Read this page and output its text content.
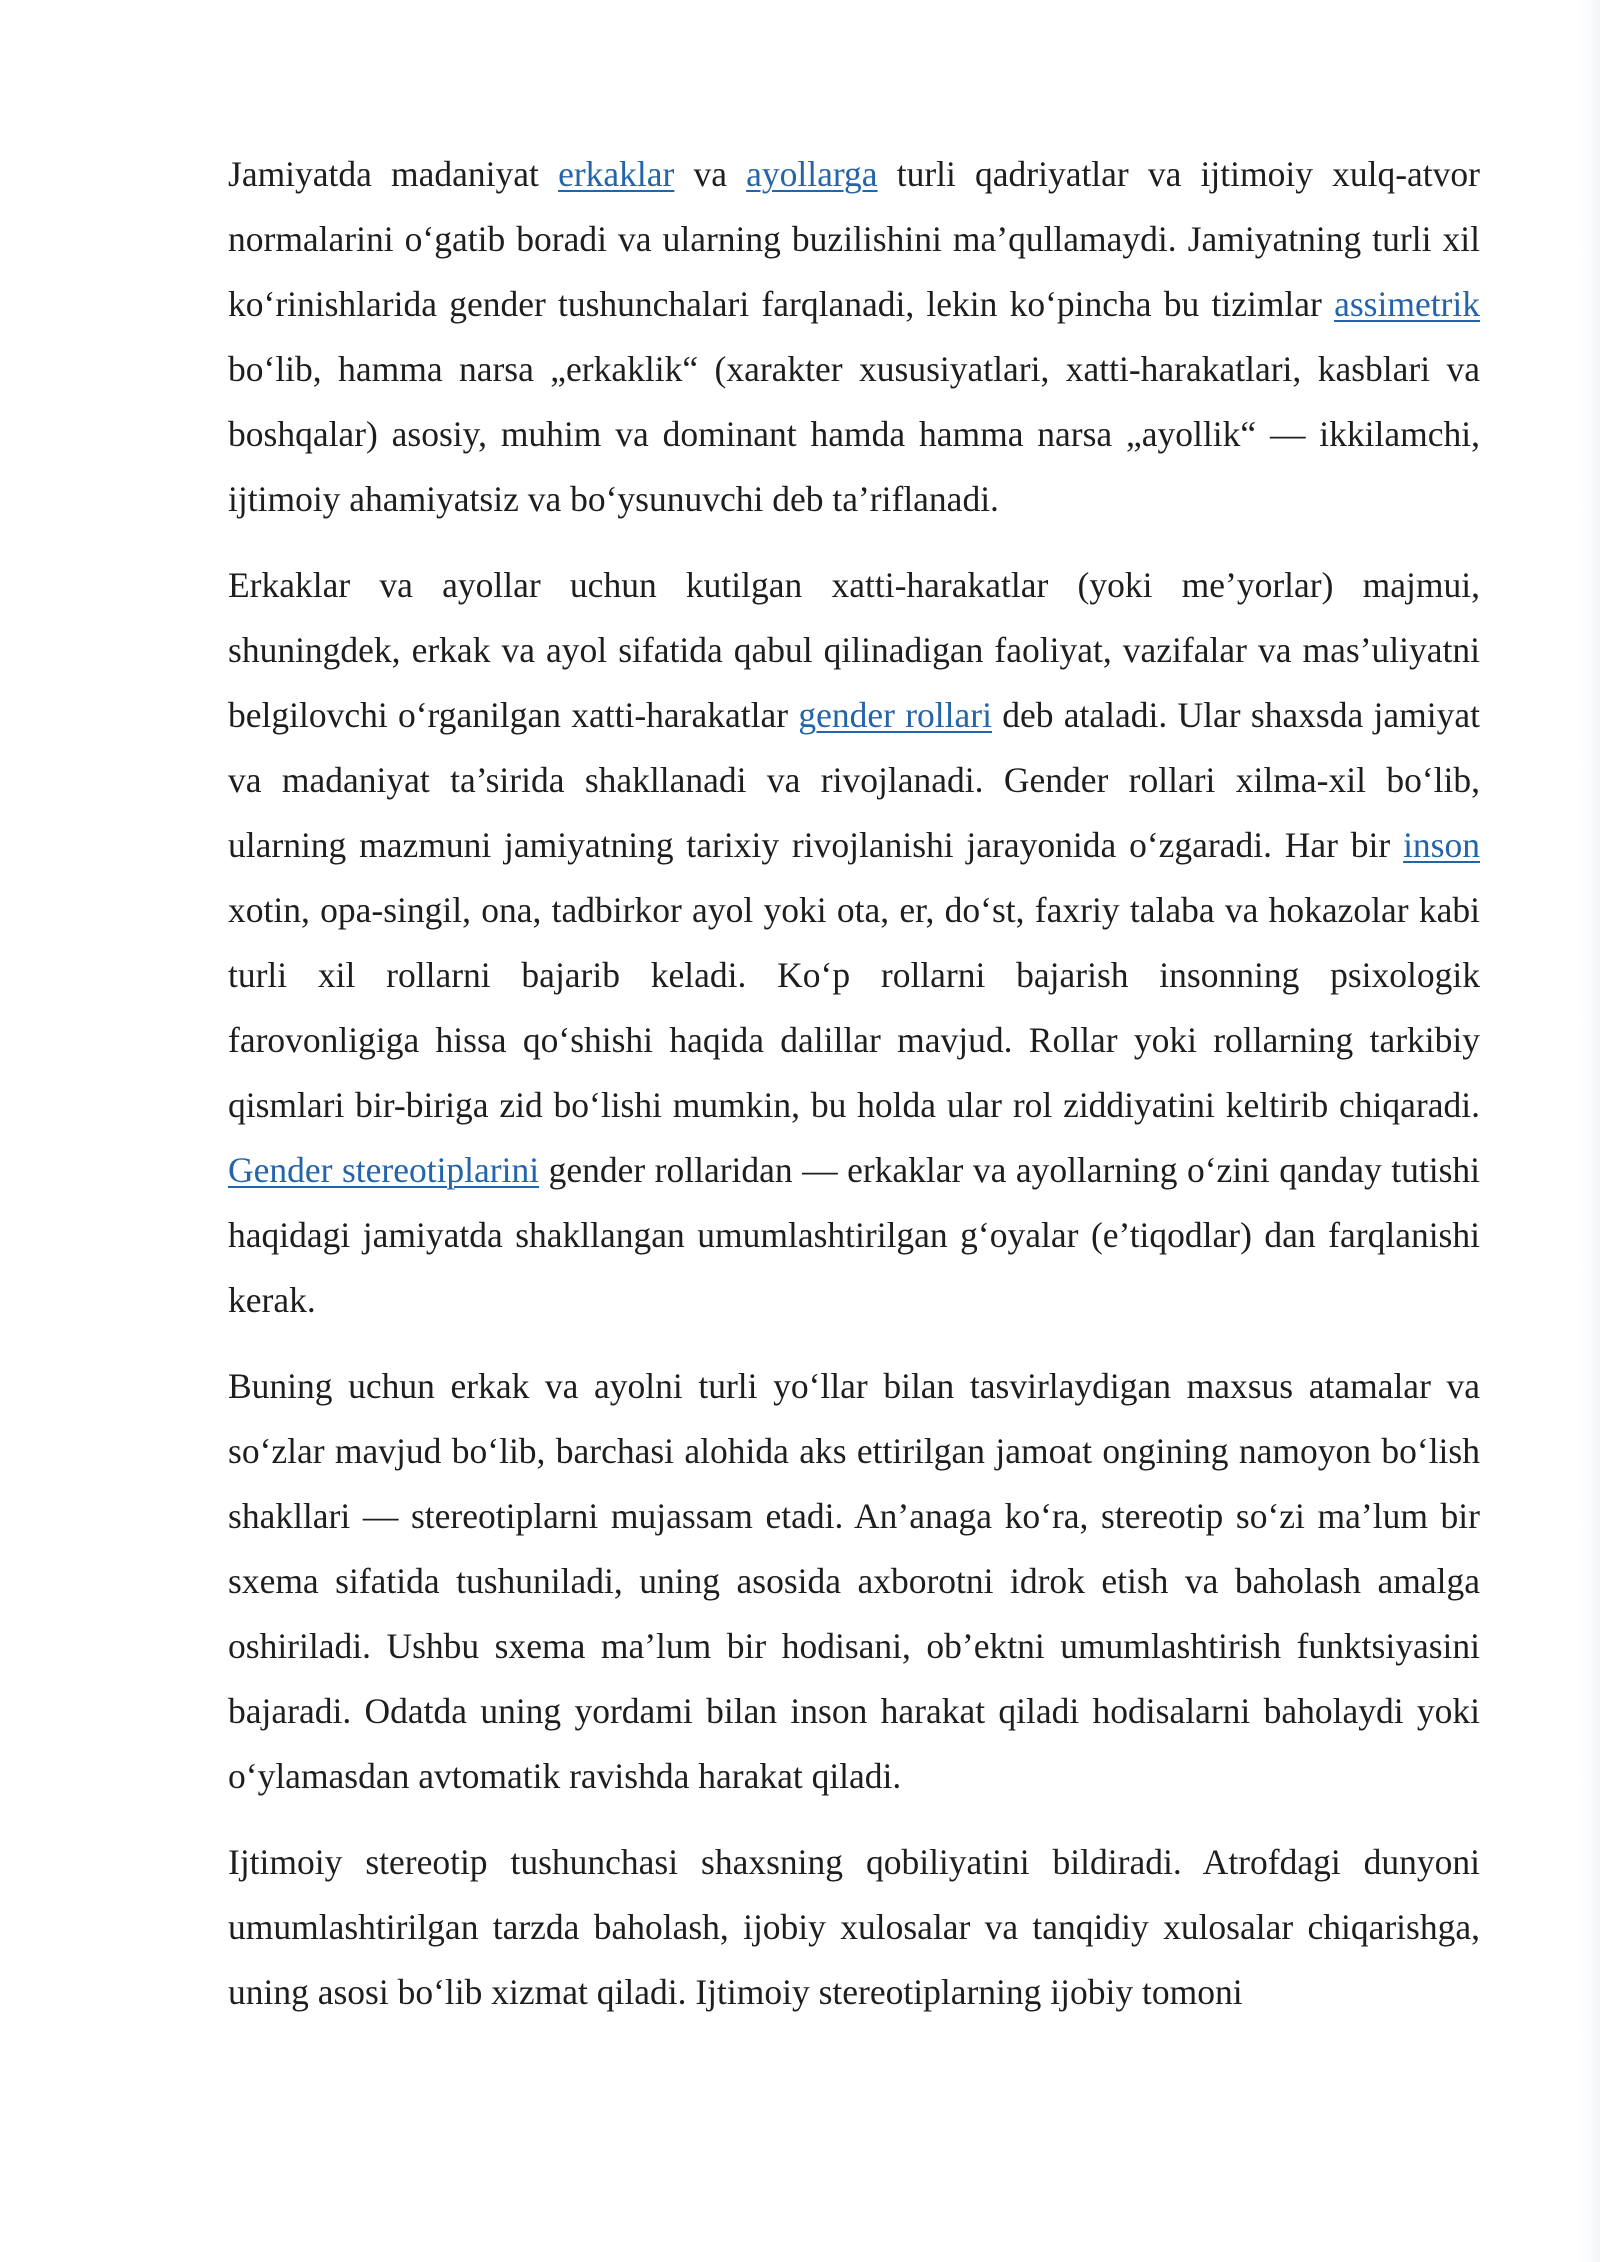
Jamiyatda madaniyat erkaklar va ayollarga turli qadriyatlar va ijtimoiy xulq-atvor normalarini o‘gatib boradi va ularning buzilishini ma’qullamaydi. Jamiyatning turli xil ko‘rinishlarida gender tushunchalari farqlanadi, lekin ko‘pincha bu tizimlar assimetrik bo‘lib, hamma narsa „erkaklik“ (xarakter xususiyatlari, xatti-harakatlari, kasblari va boshqalar) asosiy, muhim va dominant hamda hamma narsa „ayollik“ — ikkilamchi, ijtimoiy ahamiyatsiz va bo‘ysunuvchi deb ta’riflanadi.

Erkaklar va ayollar uchun kutilgan xatti-harakatlar (yoki me’yorlar) majmui, shuningdek, erkak va ayol sifatida qabul qilinadigan faoliyat, vazifalar va mas’uliyatni belgilovchi o‘rganilgan xatti-harakatlar gender rollari deb ataladi. Ular shaxsda jamiyat va madaniyat ta’sirida shakllanadi va rivojlanadi. Gender rollari xilma-xil bo‘lib, ularning mazmuni jamiyatning tarixiy rivojlanishi jarayonida o‘zgaradi. Har bir inson xotin, opa-singil, ona, tadbirkor ayol yoki ota, er, do‘st, faxriy talaba va hokazolar kabi turli xil rollarni bajarib keladi. Ko‘p rollarni bajarish insonning psixologik farovonligiga hissa qo‘shishi haqida dalillar mavjud. Rollar yoki rollarning tarkibiy qismlari bir-biriga zid bo‘lishi mumkin, bu holda ular rol ziddiyatini keltirib chiqaradi. Gender stereotiplarini gender rollaridan — erkaklar va ayollarning o‘zini qanday tutishi haqidagi jamiyatda shakllangan umumlashtirilgan g‘oyalar (e’tiqodlar) dan farqlanishi kerak.

Buning uchun erkak va ayolni turli yo‘llar bilan tasvirlaydigan maxsus atamalar va so‘zlar mavjud bo‘lib, barchasi alohida aks ettirilgan jamoat ongining namoyon bo‘lish shakllari — stereotiplarni mujassam etadi. An’anaga ko‘ra, stereotip so‘zi ma’lum bir sxema sifatida tushuniladi, uning asosida axborotni idrok etish va baholash amalga oshiriladi. Ushbu sxema ma’lum bir hodisani, ob’ektni umumlashtirish funktsiyasini bajaradi. Odatda uning yordami bilan inson harakat qiladi hodisalarni baholaydi yoki o‘ylamasdan avtomatik ravishda harakat qiladi.

Ijtimoiy stereotip tushunchasi shaxsning qobiliyatini bildiradi. Atrofdagi dunyoni umumlashtirilgan tarzda baholash, ijobiy xulosalar va tanqidiy xulosalar chiqarishga, uning asosi bo‘lib xizmat qiladi. Ijtimoiy stereotiplarning ijobiy tomoni
